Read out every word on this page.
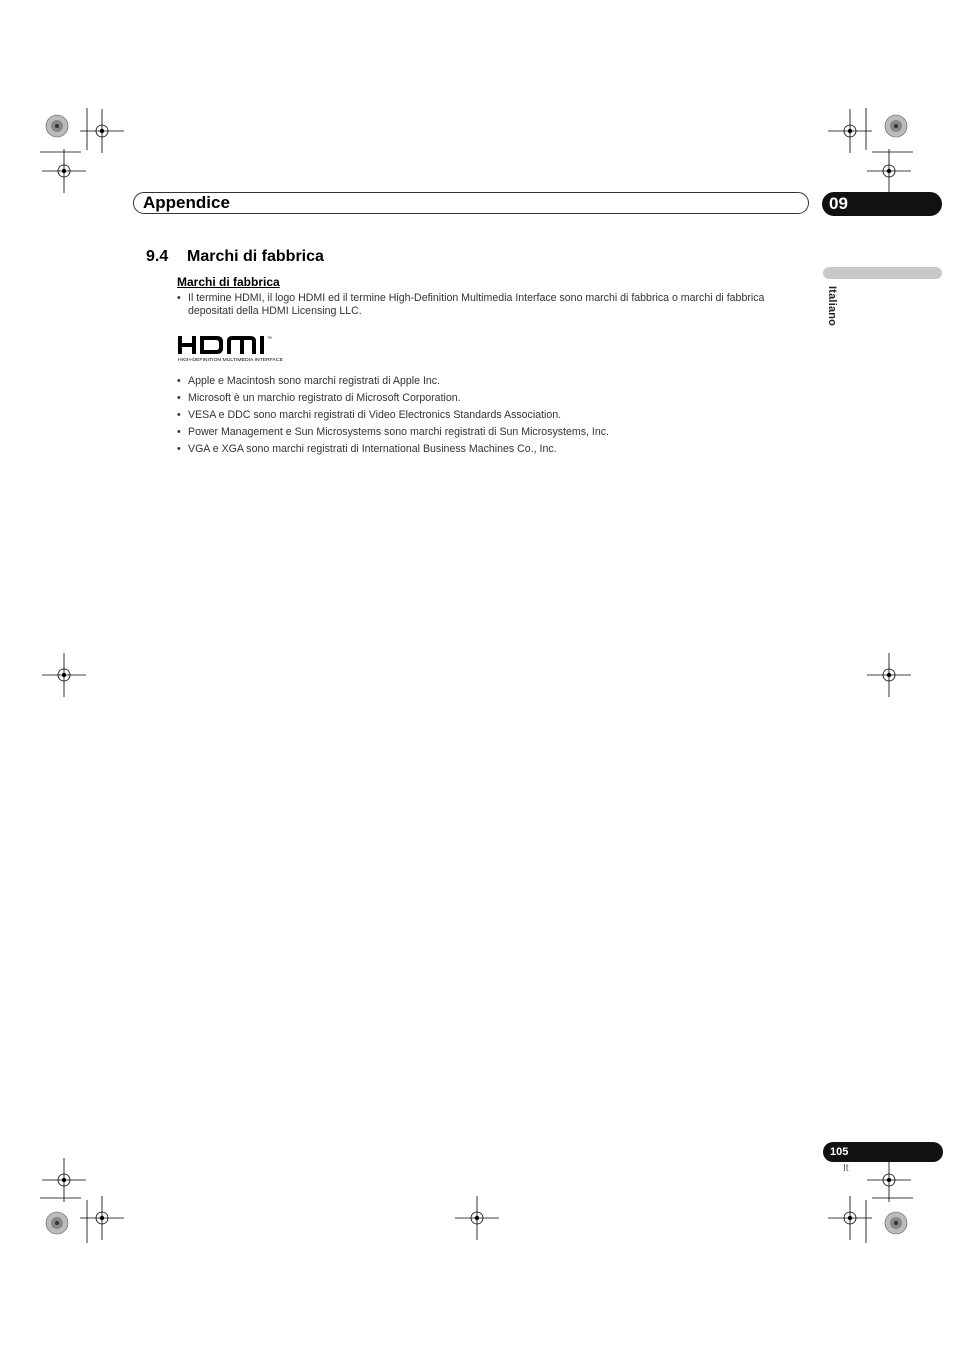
Appendice	09
Italiano
9.4 Marchi di fabbrica
Marchi di fabbrica
• Il termine HDMI, il logo HDMI ed il termine High-Definition Multimedia Interface sono marchi di fabbrica o marchi di fabbrica depositati della HDMI Licensing LLC.
™
HIGH-DEFINITION MULTIMEDIA INTERFACE
• Apple e Macintosh sono marchi registrati di Apple Inc.
• Microsoft è un marchio registrato di Microsoft Corporation.
• VESA e DDC sono marchi registrati di Video Electronics Standards Association.
• Power Management e Sun Microsystems sono marchi registrati di Sun Microsystems, Inc.
• VGA e XGA sono marchi registrati di International Business Machines Co., Inc.
105
It
